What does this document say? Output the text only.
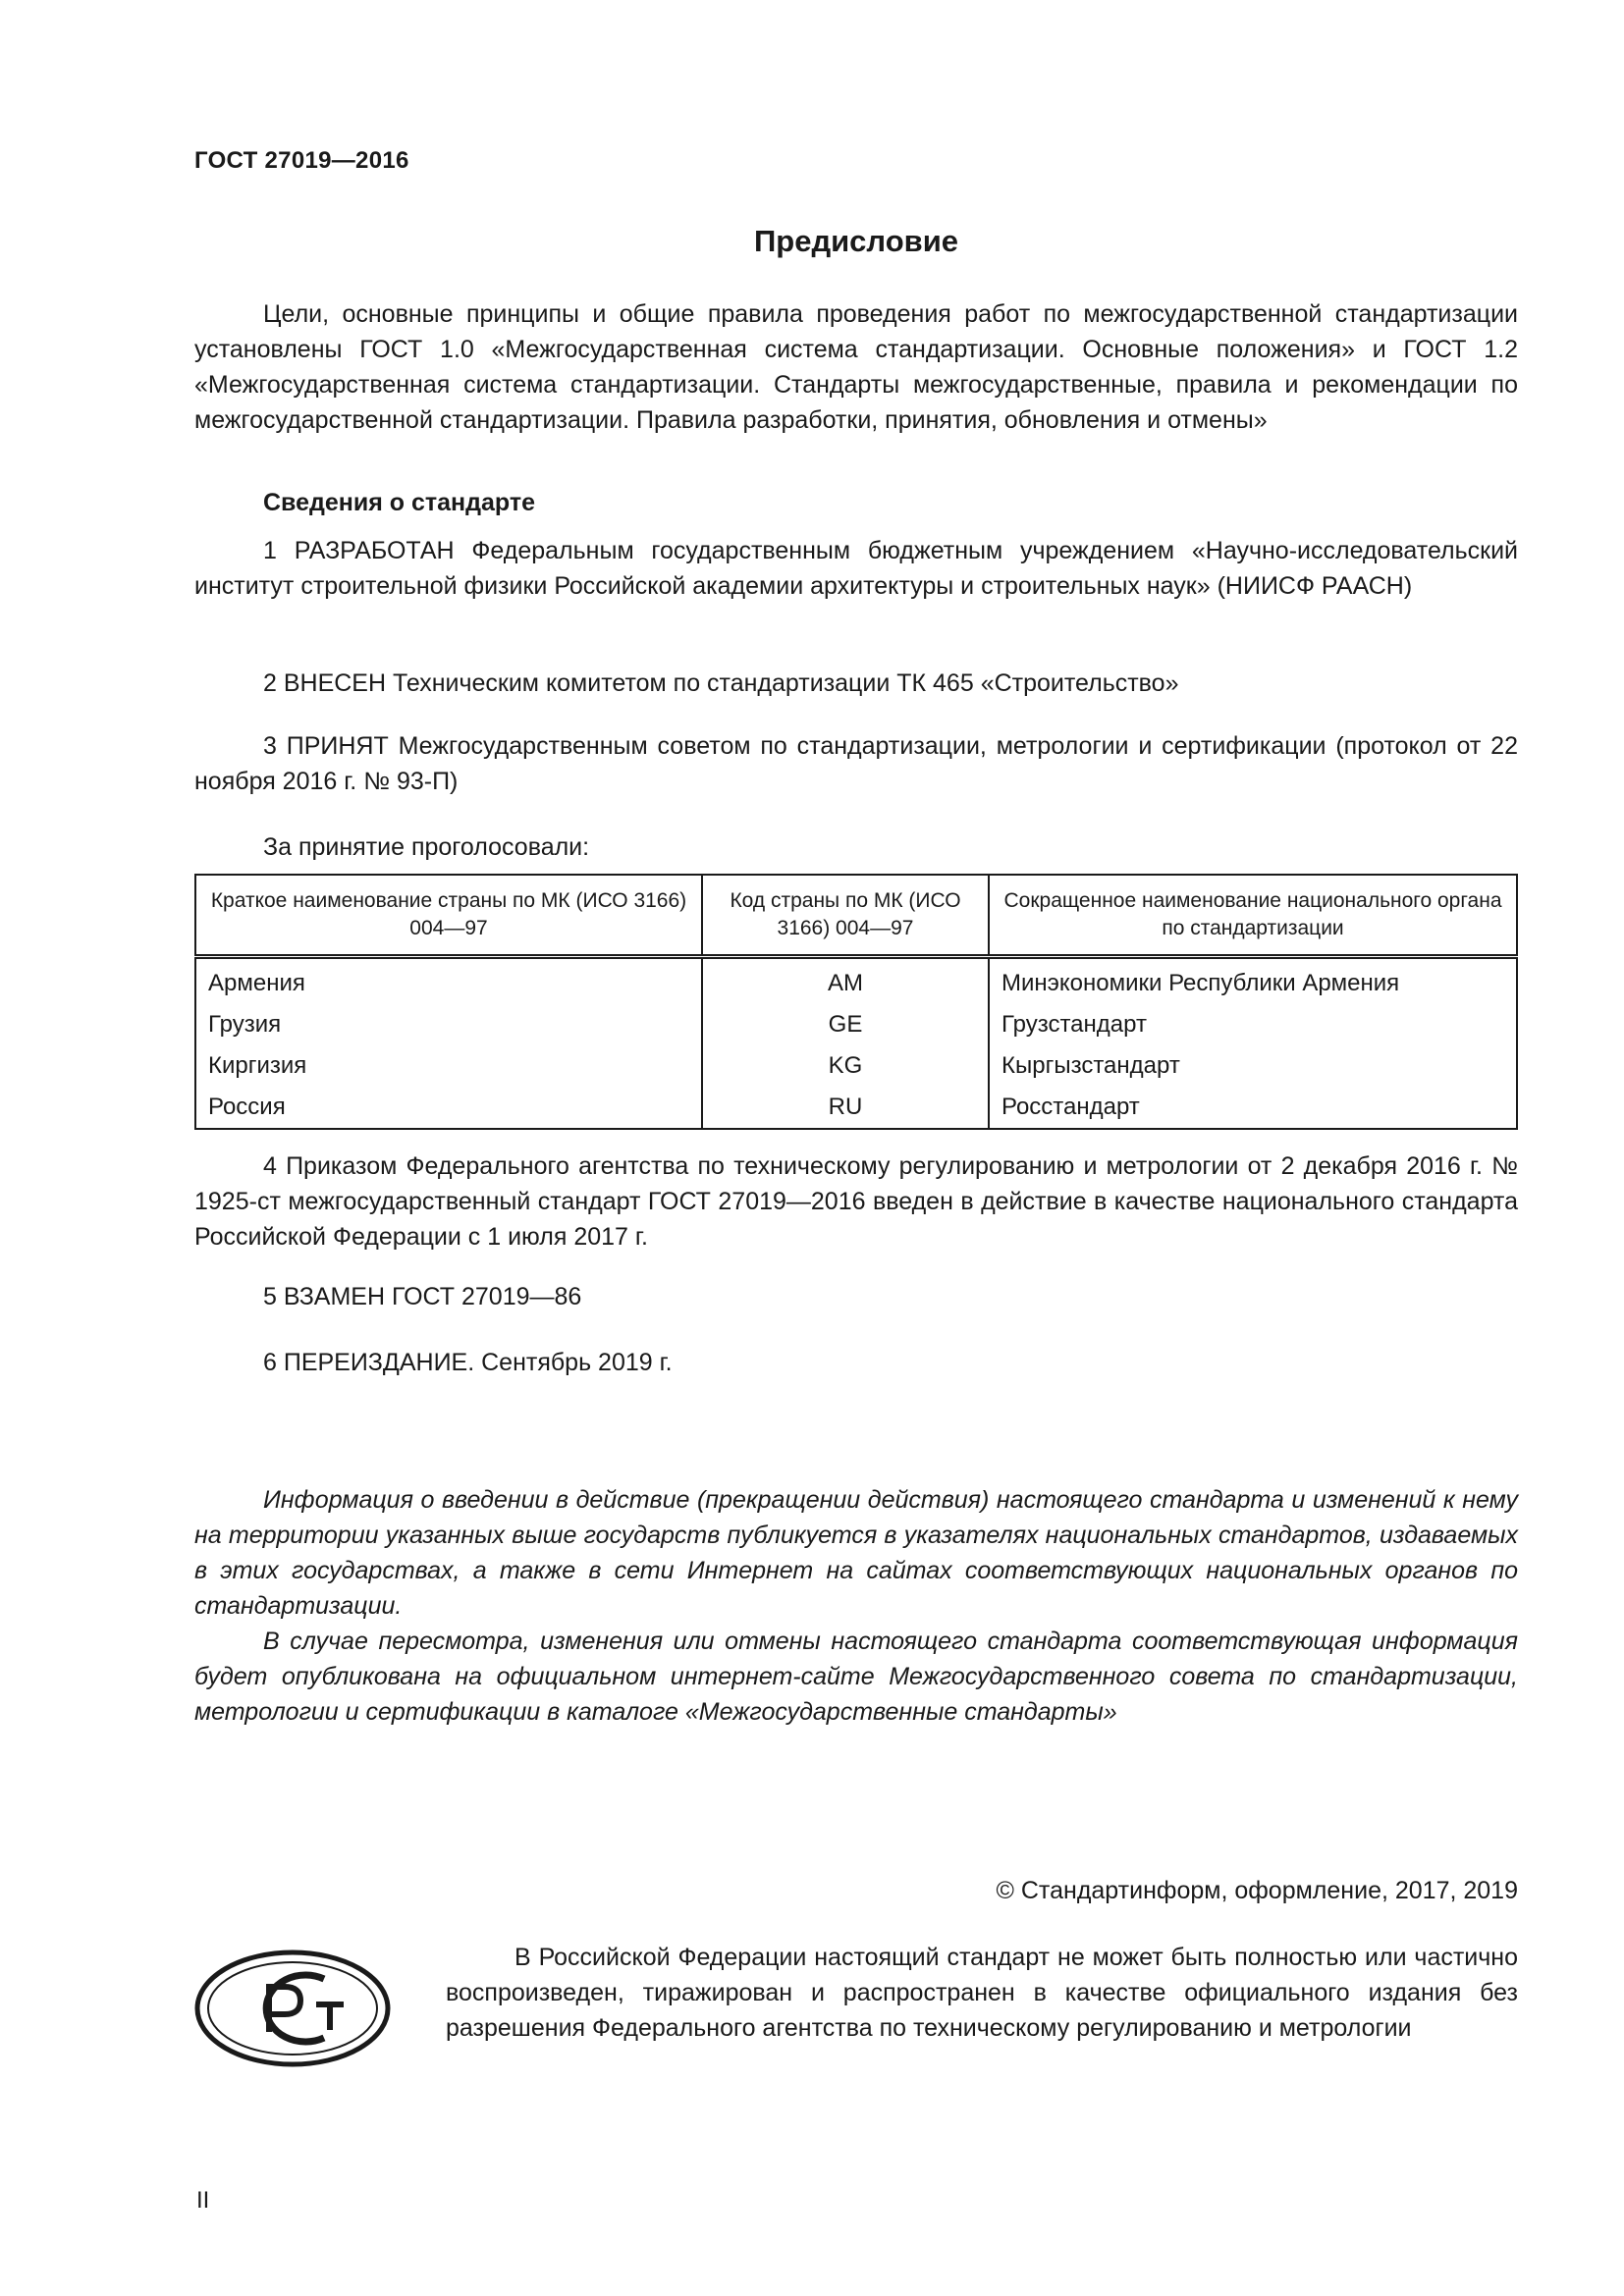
ГОСТ 27019—2016
Предисловие

Цели, основные принципы и общие правила проведения работ по межгосударственной стандартизации установлены ГОСТ 1.0 «Межгосударственная система стандартизации. Основные положения» и ГОСТ 1.2 «Межгосударственная система стандартизации. Стандарты межгосударственные, правила и рекомендации по межгосударственной стандартизации. Правила разработки, принятия, обновления и отмены»

Сведения о стандарте

1 РАЗРАБОТАН Федеральным государственным бюджетным учреждением «Научно-исследовательский институт строительной физики Российской академии архитектуры и строительных наук» (НИИСФ РААСН)

2 ВНЕСЕН Техническим комитетом по стандартизации ТК 465 «Строительство»

3 ПРИНЯТ Межгосударственным советом по стандартизации, метрологии и сертификации (протокол от 22 ноября 2016 г. № 93-П)

За принятие проголосовали:
Краткое наименование страны по МК (ИСО 3166) 004—97	Код страны по МК (ИСО 3166) 004—97	Сокращенное наименование национального органа по стандартизации
Армения	AM	Минэкономики Республики Армения
Грузия	GE	Грузстандарт
Киргизия	KG	Кыргызстандарт
Россия	RU	Росстандарт

4 Приказом Федерального агентства по техническому регулированию и метрологии от 2 декабря 2016 г. № 1925-ст межгосударственный стандарт ГОСТ 27019—2016 введен в действие в качестве национального стандарта Российской Федерации с 1 июля 2017 г.

5 ВЗАМЕН ГОСТ 27019—86

6 ПЕРЕИЗДАНИЕ. Сентябрь 2019 г.

Информация о введении в действие (прекращении действия) настоящего стандарта и изменений к нему на территории указанных выше государств публикуется в указателях национальных стандартов, издаваемых в этих государствах, а также в сети Интернет на сайтах соответствующих национальных органов по стандартизации.

В случае пересмотра, изменения или отмены настоящего стандарта соответствующая информация будет опубликована на официальном интернет-сайте Межгосударственного совета по стандартизации, метрологии и сертификации в каталоге «Межгосударственные стандарты»

© Стандартинформ, оформление, 2017, 2019

В Российской Федерации настоящий стандарт не может быть полностью или частично воспроизведен, тиражирован и распространен в качестве официального издания без разрешения Федерального агентства по техническому регулированию и метрологии

II
